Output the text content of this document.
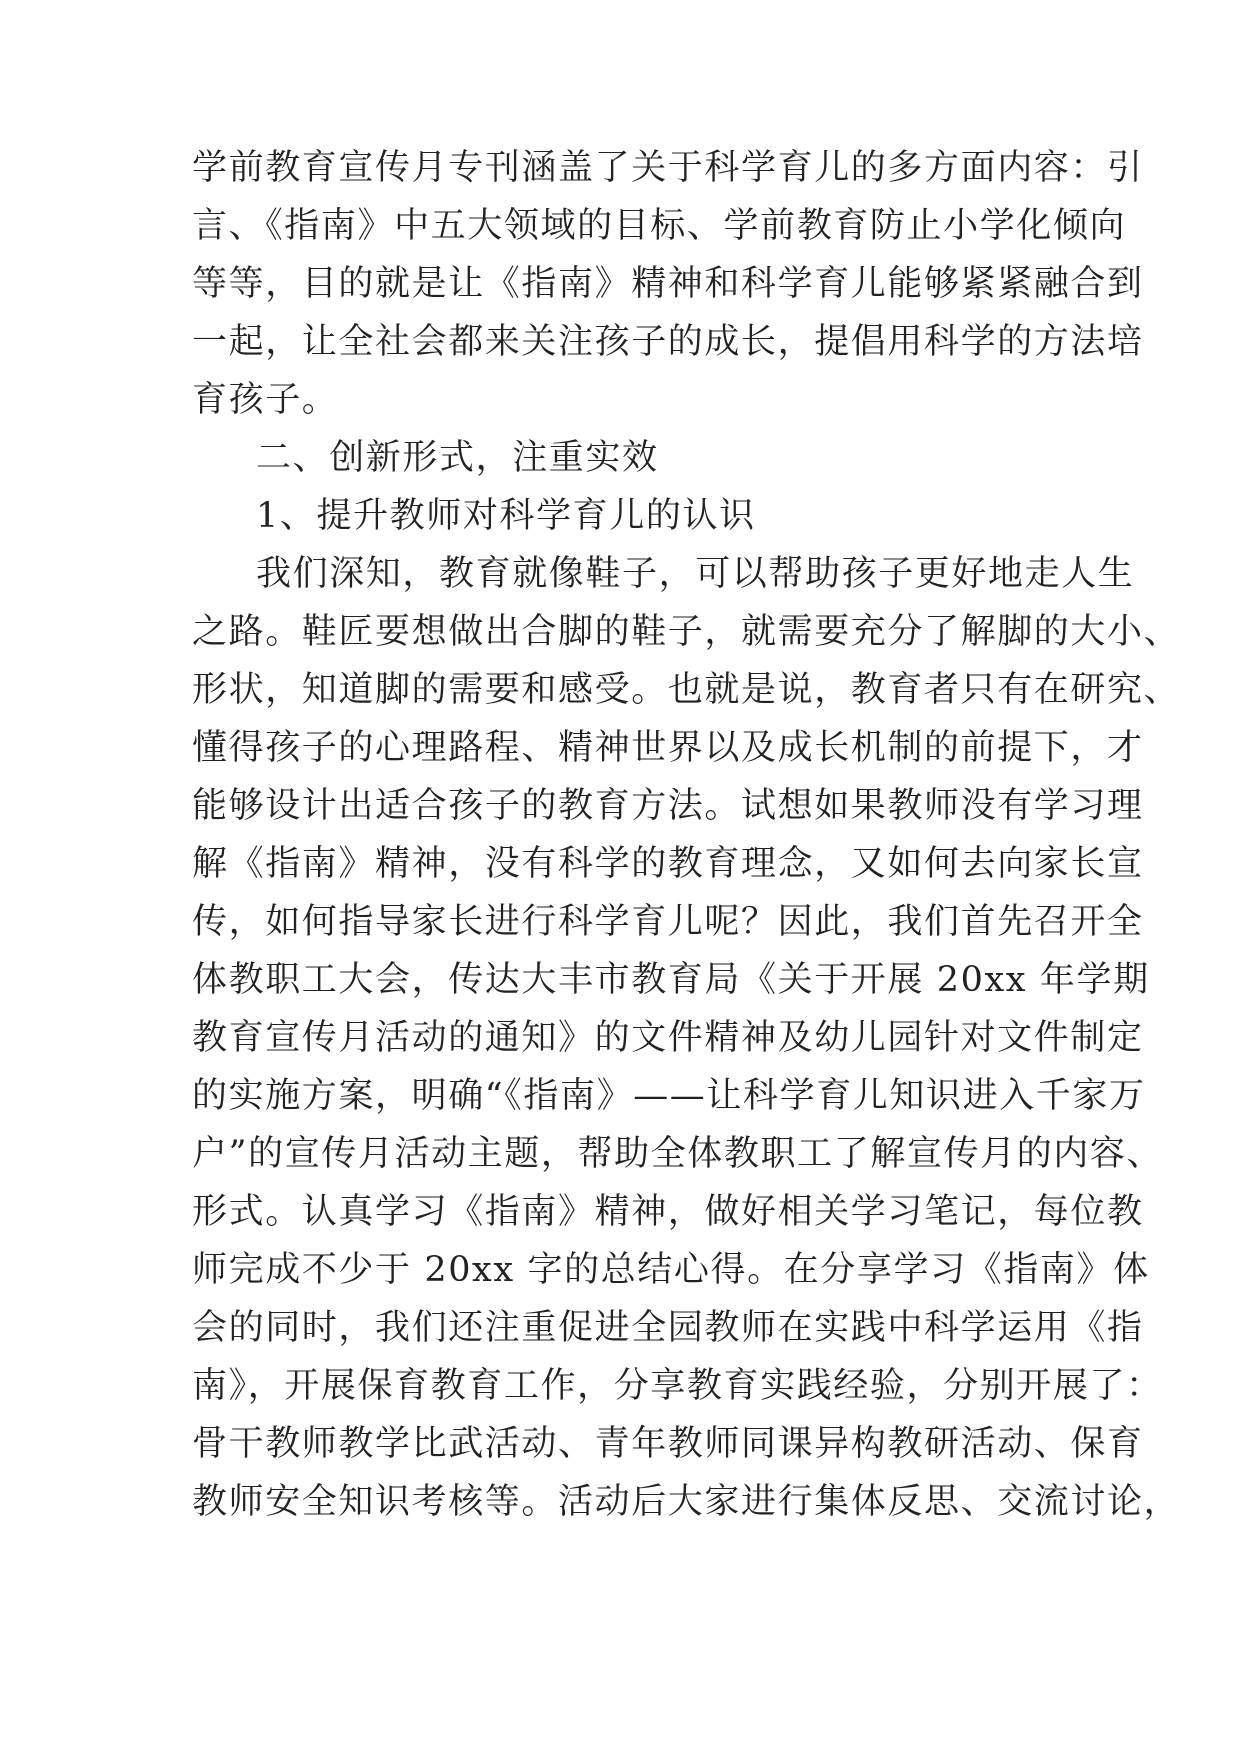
学前教育宣传月专刊涵盖了关于科学育儿的多方面内容：引
言、《指南》中五大领域的目标、学前教育防止小学化倾向
等等，目的就是让《指南》精神和科学育儿能够紧紧融合到
一起，让全社会都来关注孩子的成长，提倡用科学的方法培
育孩子。
二、创新形式，注重实效
1、提升教师对科学育儿的认识
我们深知，教育就像鞋子，可以帮助孩子更好地走人生
之路。鞋匠要想做出合脚的鞋子，就需要充分了解脚的大小、
形状，知道脚的需要和感受。也就是说，教育者只有在研究、
懂得孩子的心理路程、精神世界以及成长机制的前提下，才
能够设计出适合孩子的教育方法。试想如果教师没有学习理
解《指南》精神，没有科学的教育理念，又如何去向家长宣
传，如何指导家长进行科学育儿呢？因此，我们首先召开全
体教职工大会，传达大丰市教育局《关于开展 20xx 年学期
教育宣传月活动的通知》的文件精神及幼儿园针对文件制定
的实施方案，明确“《指南》——让科学育儿知识进入千家万
户”的宣传月活动主题，帮助全体教职工了解宣传月的内容、
形式。认真学习《指南》精神，做好相关学习笔记，每位教
师完成不少于 20xx 字的总结心得。在分享学习《指南》体
会的同时，我们还注重促进全园教师在实践中科学运用《指
南》，开展保育教育工作，分享教育实践经验，分别开展了：
骨干教师教学比武活动、青年教师同课异构教研活动、保育
教师安全知识考核等。活动后大家进行集体反思、交流讨论，
